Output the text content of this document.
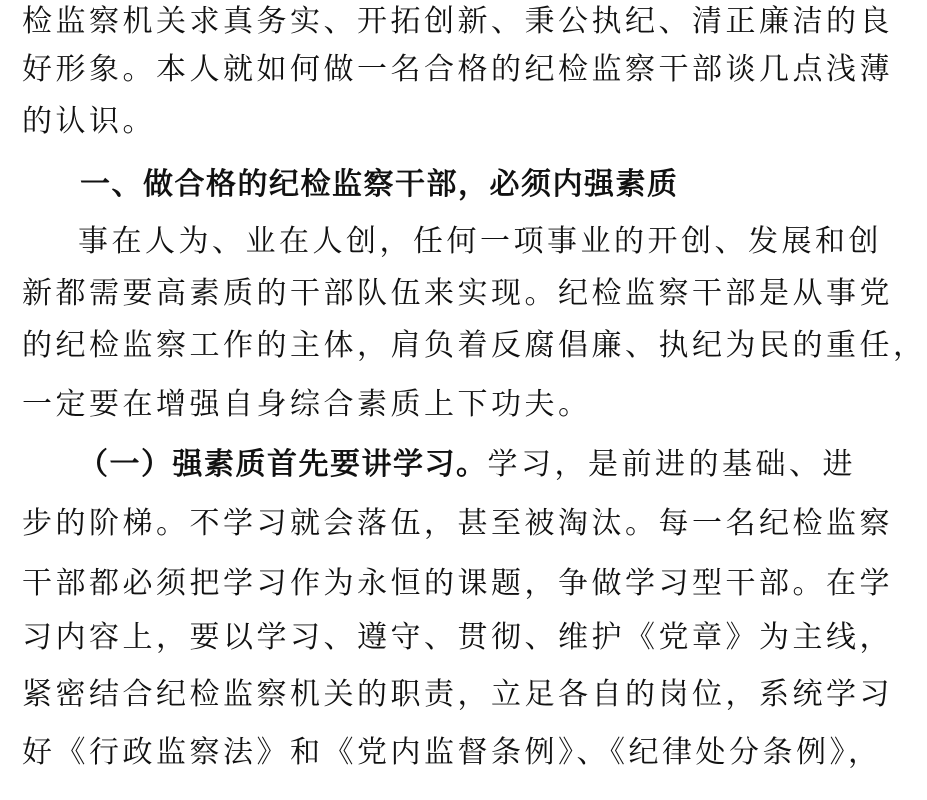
检监察机关求真务实、开拓创新、秉公执纪、清正廉洁的良
好形象。本人就如何做一名合格的纪检监察干部谈几点浅薄
的认识。
一、做合格的纪检监察干部，必须内强素质
事在人为、业在人创，任何一项事业的开创、发展和创
新都需要高素质的干部队伍来实现。纪检监察干部是从事党
的纪检监察工作的主体，肩负着反腐倡廉、执纪为民的重任，
一定要在增强自身综合素质上下功夫。
（一）强素质首先要讲学习。学习，是前进的基础、进
步的阶梯。不学习就会落伍，甚至被淘汰。每一名纪检监察
干部都必须把学习作为永恒的课题，争做学习型干部。在学
习内容上，要以学习、遵守、贯彻、维护《党章》为主线，
紧密结合纪检监察机关的职责，立足各自的岗位，系统学习
好《行政监察法》和《党内监督条例》、《纪律处分条例》，
